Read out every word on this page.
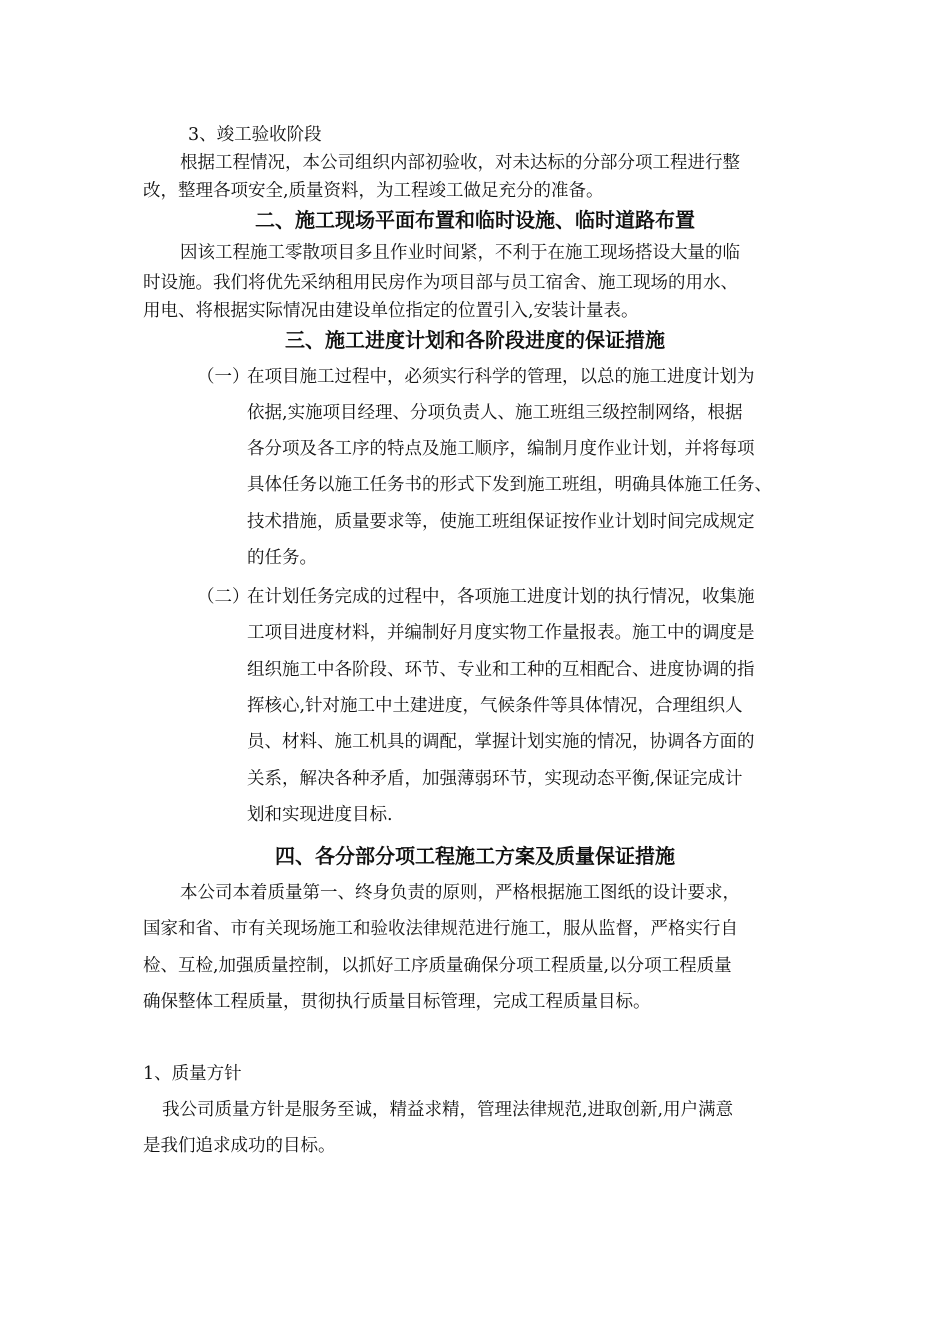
3、竣工验收阶段
根据工程情况，本公司组织内部初验收，对未达标的分部分项工程进行整
改，整理各项安全,质量资料，为工程竣工做足充分的准备。
二、施工现场平面布置和临时设施、临时道路布置
因该工程施工零散项目多且作业时间紧，不利于在施工现场搭设大量的临
时设施。我们将优先采纳租用民房作为项目部与员工宿舍、施工现场的用水、
用电、将根据实际情况由建设单位指定的位置引入,安装计量表。
三、施工进度计划和各阶段进度的保证措施
（一）
在项目施工过程中，必须实行科学的管理，以总的施工进度计划为
依据,实施项目经理、分项负责人、施工班组三级控制网络，根据
各分项及各工序的特点及施工顺序，编制月度作业计划，并将每项
具体任务以施工任务书的形式下发到施工班组，明确具体施工任务、
技术措施，质量要求等，使施工班组保证按作业计划时间完成规定
的任务。
（二）
在计划任务完成的过程中，各项施工进度计划的执行情况，收集施
工项目进度材料，并编制好月度实物工作量报表。施工中的调度是
组织施工中各阶段、环节、专业和工种的互相配合、进度协调的指
挥核心,针对施工中土建进度，气候条件等具体情况，合理组织人
员、材料、施工机具的调配，掌握计划实施的情况，协调各方面的
关系，解决各种矛盾，加强薄弱环节，实现动态平衡,保证完成计
划和实现进度目标.
四、各分部分项工程施工方案及质量保证措施
本公司本着质量第一、终身负责的原则，严格根据施工图纸的设计要求，
国家和省、市有关现场施工和验收法律规范进行施工，服从监督，严格实行自
检、互检,加强质量控制，以抓好工序质量确保分项工程质量,以分项工程质量
确保整体工程质量，贯彻执行质量目标管理，完成工程质量目标。
1、质量方针
我公司质量方针是服务至诚，精益求精，管理法律规范,进取创新,用户满意
是我们追求成功的目标。
